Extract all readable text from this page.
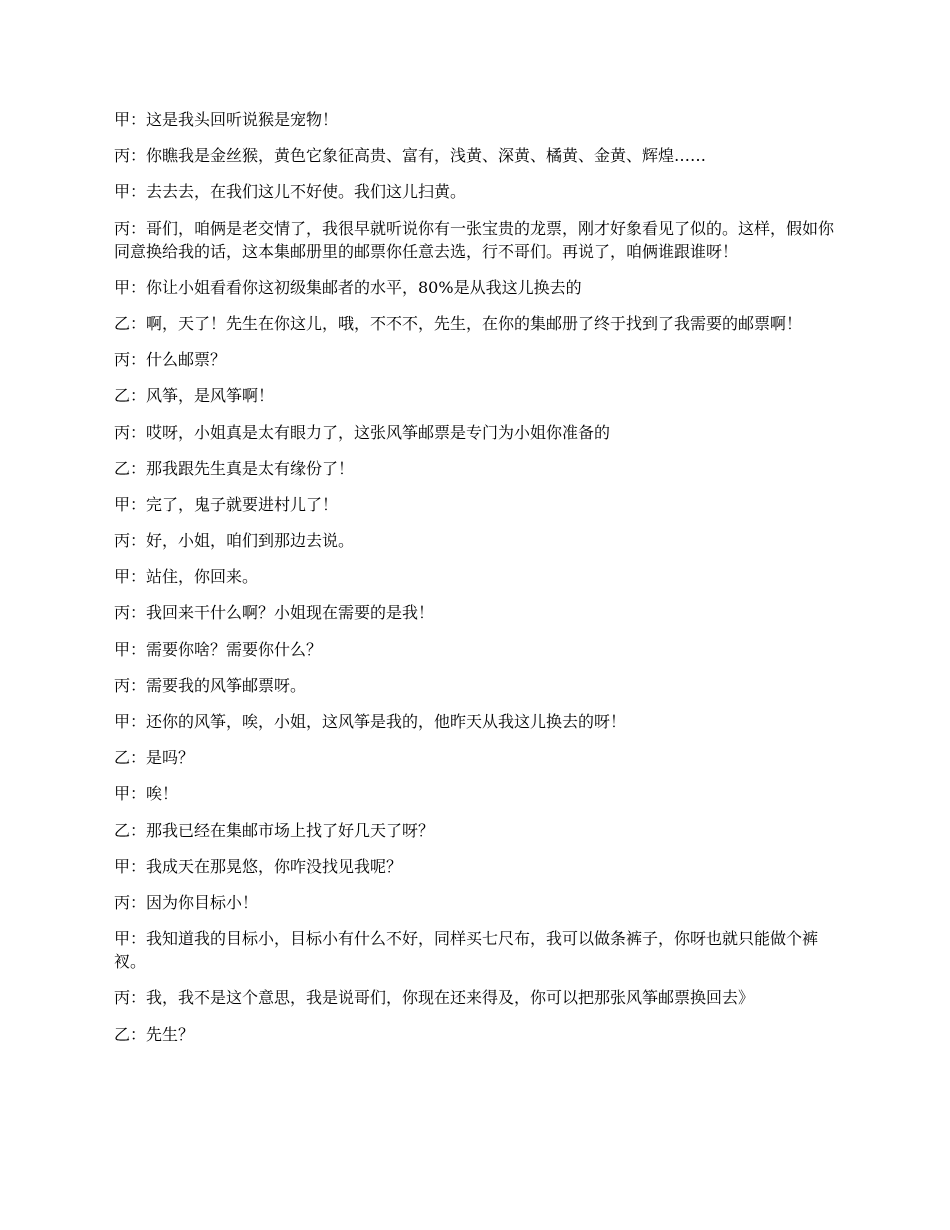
甲：这是我头回听说猴是宠物！

丙：你瞧我是金丝猴，黄色它象征高贵、富有，浅黄、深黄、橘黄、金黄、辉煌……

甲：去去去，在我们这儿不好使。我们这儿扫黄。

丙：哥们，咱俩是老交情了，我很早就听说你有一张宝贵的龙票，刚才好象看见了似的。这样，假如你同意换给我的话，这本集邮册里的邮票你任意去选，行不哥们。再说了，咱俩谁跟谁呀！

甲：你让小姐看看你这初级集邮者的水平，80%是从我这儿换去的

乙：啊，天了！先生在你这儿，哦，不不不，先生，在你的集邮册了终于找到了我需要的邮票啊！

丙：什么邮票？

乙：风筝，是风筝啊！

丙：哎呀，小姐真是太有眼力了，这张风筝邮票是专门为小姐你准备的

乙：那我跟先生真是太有缘份了！

甲：完了，鬼子就要进村儿了！

丙：好，小姐，咱们到那边去说。

甲：站住，你回来。

丙：我回来干什么啊？小姐现在需要的是我！

甲：需要你啥？需要你什么？

丙：需要我的风筝邮票呀。

甲：还你的风筝，唉，小姐，这风筝是我的，他昨天从我这儿换去的呀！

乙：是吗？

甲：唉！

乙：那我已经在集邮市场上找了好几天了呀？

甲：我成天在那晃悠，你咋没找见我呢？

丙：因为你目标小！

甲：我知道我的目标小，目标小有什么不好，同样买七尺布，我可以做条裤子，你呀也就只能做个裤衩。

丙：我，我不是这个意思，我是说哥们，你现在还来得及，你可以把那张风筝邮票换回去》

乙：先生？
